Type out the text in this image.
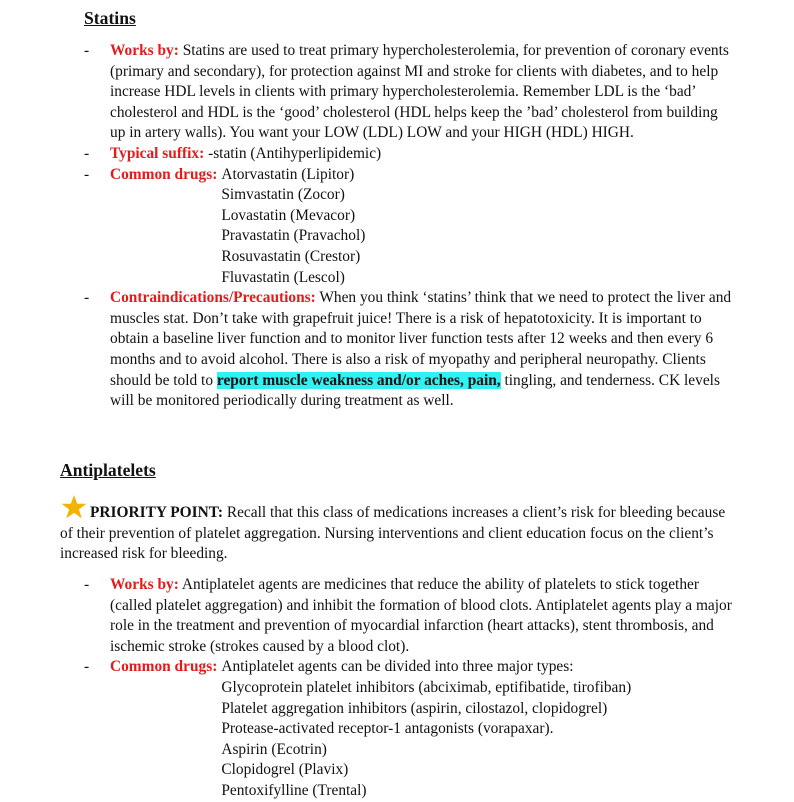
Statins
- Works by: Statins are used to treat primary hypercholesterolemia, for prevention of coronary events (primary and secondary), for protection against MI and stroke for clients with diabetes, and to help increase HDL levels in clients with primary hypercholesterolemia. Remember LDL is the ‘bad’ cholesterol and HDL is the ‘good’ cholesterol (HDL helps keep the ’bad’ cholesterol from building up in artery walls). You want your LOW (LDL) LOW and your HIGH (HDL) HIGH.
- Typical suffix: -statin (Antihyperlipidemic)
- Common drugs: Atorvastatin (Lipitor)
Simvastatin (Zocor)
Lovastatin (Mevacor)
Pravastatin (Pravachol)
Rosuvastatin (Crestor)
Fluvastatin (Lescol)
- Contraindications/Precautions: When you think ‘statins’ think that we need to protect the liver and muscles stat. Don’t take with grapefruit juice! There is a risk of hepatotoxicity. It is important to obtain a baseline liver function and to monitor liver function tests after 12 weeks and then every 6 months and to avoid alcohol. There is also a risk of myopathy and peripheral neuropathy. Clients should be told to report muscle weakness and/or aches, pain, tingling, and tenderness. CK levels will be monitored periodically during treatment as well.
Antiplatelets

PRIORITY POINT: Recall that this class of medications increases a client’s risk for bleeding because of their prevention of platelet aggregation. Nursing interventions and client education focus on the client’s increased risk for bleeding.

- Works by: Antiplatelet agents are medicines that reduce the ability of platelets to stick together (called platelet aggregation) and inhibit the formation of blood clots. Antiplatelet agents play a major role in the treatment and prevention of myocardial infarction (heart attacks), stent thrombosis, and ischemic stroke (strokes caused by a blood clot).
- Common drugs: Antiplatelet agents can be divided into three major types:
Glycoprotein platelet inhibitors (abciximab, eptifibatide, tirofiban)
Platelet aggregation inhibitors (aspirin, cilostazol, clopidogrel)
Protease-activated receptor-1 antagonists (vorapaxar).
Aspirin (Ecotrin)
Clopidogrel (Plavix)
Pentoxifylline (Trental)
